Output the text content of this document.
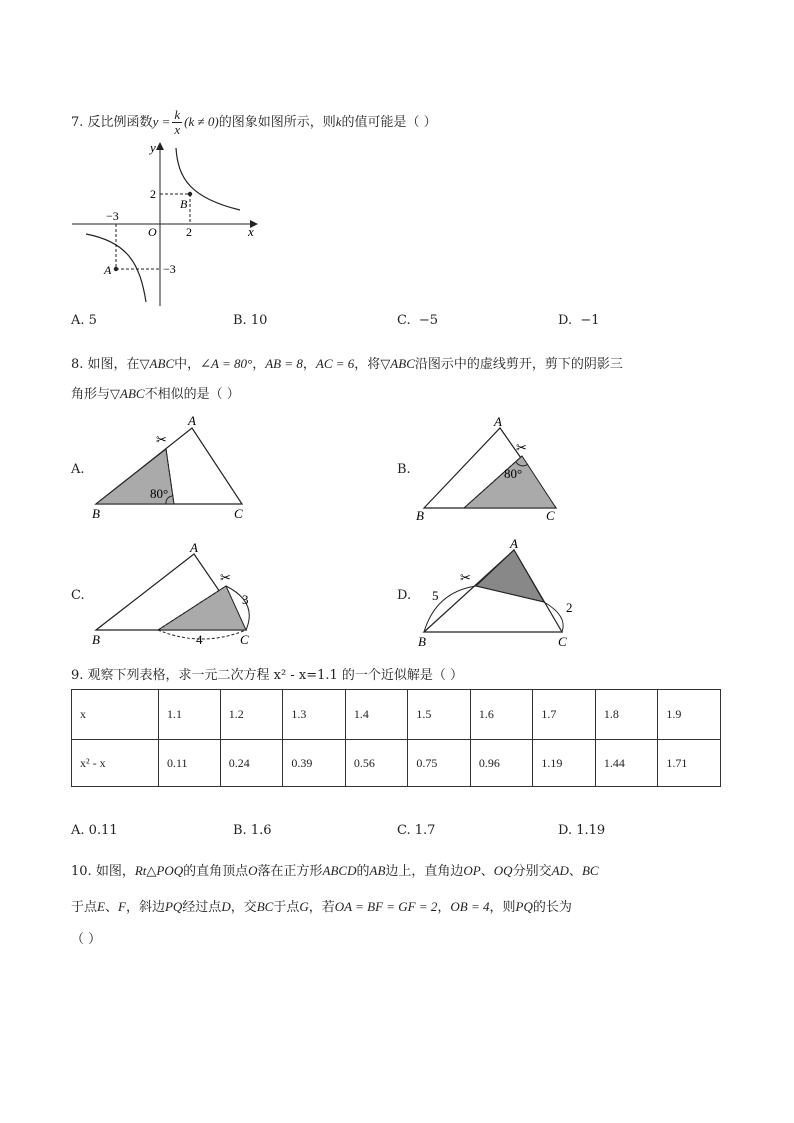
7. 反比例函数$y = \frac{k}{x} (k \ne 0)$的图象如图所示，则k的值可能是（ ）
y
x
O
B
A
−3
2
2
−3
A. 5	B. 10	C. −5	D. −1
8. 如图，在▽ABC中，∠A = 80°，AB = 8，AC = 6，将▽ABC沿图示中的虚线剪开，剪下的阴影三
角形与▽ABC不相似的是（ ）
A.
✂
A
B	C
80°
B.
✂
A
B	C
80°
C.
✂
A
B	C
3
4
D.
✂
A
B	C
5
2
9. 观察下列表格，求一元二次方程 x² - x=1.1 的一个近似解是（ ）
x	1.1	1.2	1.3	1.4	1.5	1.6	1.7	1.8	1.9
x² - x	0.11	0.24	0.39	0.56	0.75	0.96	1.19	1.44	1.71
A. 0.11	B. 1.6	C. 1.7	D. 1.19
10. 如图，Rt△POQ的直角顶点O落在正方形ABCD的AB边上，直角边OP、OQ分别交AD、BC
于点E、F，斜边PQ经过点D，交BC于点G，若OA = BF = GF = 2，OB = 4，则PQ的长为
（ ）
